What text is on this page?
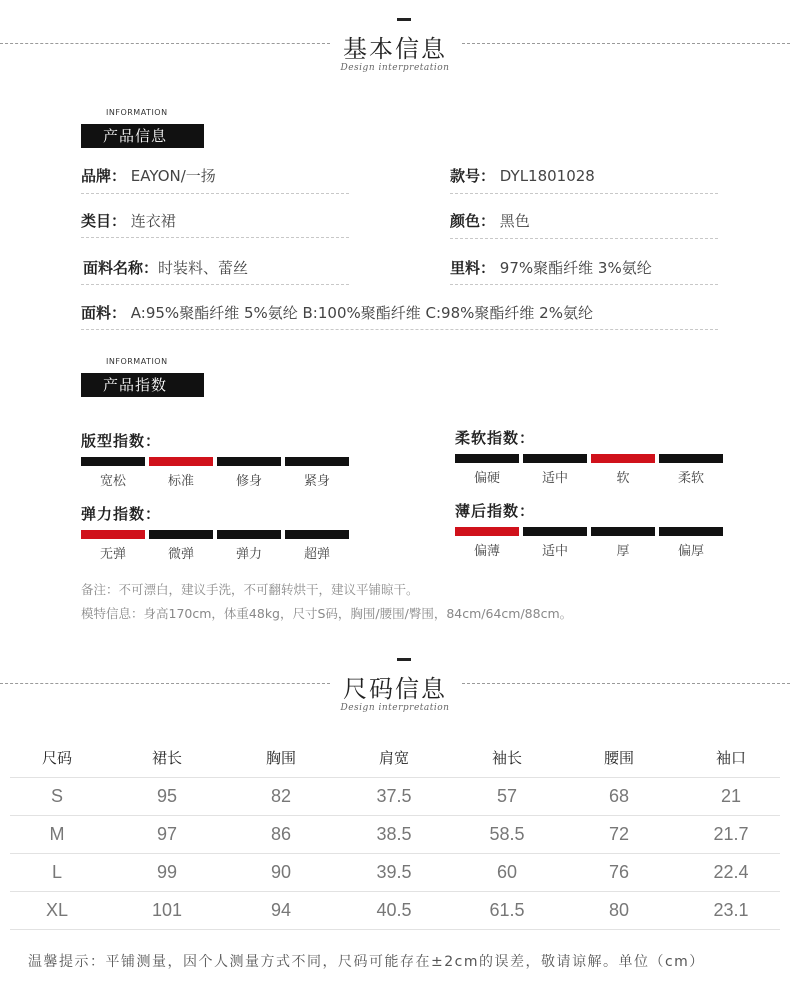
基本信息
Design interpretation
INFORMATION
产品信息
品牌： EAYON/一扬	款号： DYL1801028
类目： 连衣裙	颜色： 黑色
面料名称：时装料、蕾丝	里料： 97%聚酯纤维 3%氨纶
面料： A:95%聚酯纤维 5%氨纶 B:100%聚酯纤维 C:98%聚酯纤维 2%氨纶
INFORMATION
产品指数
版型指数：
宽松	标准	修身	紧身
柔软指数：
偏硬	适中	软	柔软
弹力指数：
无弹	微弹	弹力	超弹
薄后指数：
偏薄	适中	厚	偏厚
备注：不可漂白，建议手洗，不可翻转烘干，建议平铺晾干。
模特信息：身高170cm，体重48kg，尺寸S码，胸围/腰围/臀围，84cm/64cm/88cm。
尺码信息
Design interpretation
尺码	裙长	胸围	肩宽	袖长	腰围	袖口
S	95	82	37.5	57	68	21
M	97	86	38.5	58.5	72	21.7
L	99	90	39.5	60	76	22.4
XL	101	94	40.5	61.5	80	23.1
温馨提示：平铺测量，因个人测量方式不同，尺码可能存在±2cm的误差，敬请谅解。单位（cm）
